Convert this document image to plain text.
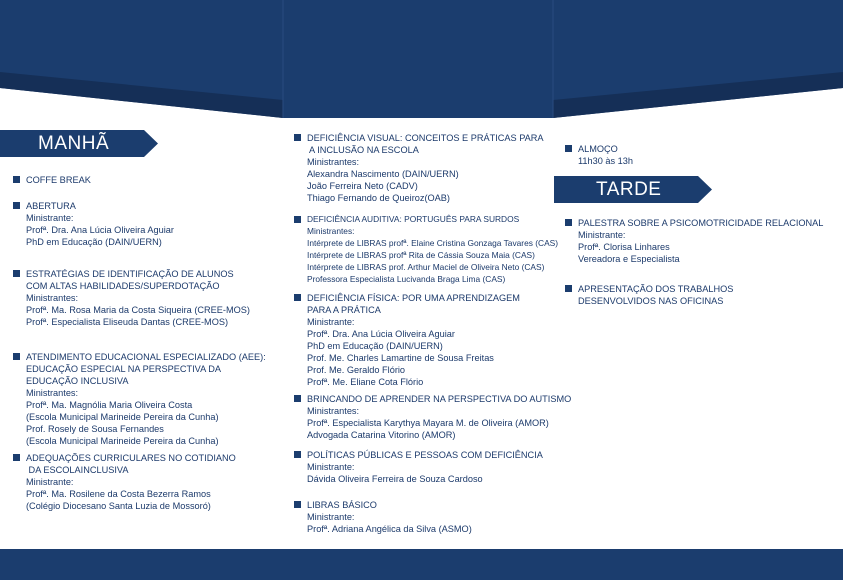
MANHÃ
COFFE BREAK
ABERTURA
Ministrante:
Profª. Dra. Ana Lúcia Oliveira Aguiar
PhD em Educação (DAIN/UERN)
ESTRATÉGIAS DE IDENTIFICAÇÃO DE ALUNOS
COM ALTAS HABILIDADES/SUPERDOTAÇÃO
Ministrantes:
Profª. Ma. Rosa Maria da Costa Siqueira (CREE-MOS)
Profª. Especialista Eliseuda Dantas (CREE-MOS)
ATENDIMENTO EDUCACIONAL ESPECIALIZADO (AEE):
EDUCAÇÃO ESPECIAL NA PERSPECTIVA DA
EDUCAÇÃO INCLUSIVA
Ministrantes:
Profª. Ma. Magnólia Maria Oliveira Costa
(Escola Municipal Marineide Pereira da Cunha)
Prof. Rosely de Sousa Fernandes
(Escola Municipal Marineide Pereira da Cunha)
ADEQUAÇÕES CURRICULARES NO COTIDIANO
DA ESCOLAINCLUSIVA
Ministrante:
Profª. Ma. Rosilene da Costa Bezerra Ramos
(Colégio Diocesano Santa Luzia de Mossoró)
DEFICIÊNCIA VISUAL: CONCEITOS E PRÁTICAS PARA
A INCLUSÃO NA ESCOLA
Ministrantes:
Alexandra Nascimento (DAIN/UERN)
João Ferreira Neto (CADV)
Thiago Fernando de Queiroz(OAB)
DEFICIÊNCIA AUDITIVA: PORTUGUÊS PARA SURDOS
Ministrantes:
Intérprete de LIBRAS profª. Elaine Cristina Gonzaga Tavares (CAS)
Intérprete de LIBRAS profª Rita de Cássia Souza Maia (CAS)
Intérprete de LIBRAS prof. Arthur Maciel de Oliveira Neto (CAS)
Professora Especialista Lucivanda Braga Lima (CAS)
DEFICIÊNCIA FÍSICA: POR UMA APRENDIZAGEM
PARA A PRÁTICA
Ministrante:
Profª. Dra. Ana Lúcia Oliveira Aguiar
PhD em Educação (DAIN/UERN)
Prof. Me. Charles Lamartine de Sousa Freitas
Prof. Me. Geraldo Flório
Profª. Me. Eliane Cota Flório
BRINCANDO DE APRENDER NA PERSPECTIVA DO AUTISMO
Ministrantes:
Profª. Especialista Karythya Mayara M. de Oliveira (AMOR)
Advogada Catarina Vitorino (AMOR)
POLÍTICAS PÚBLICAS E PESSOAS COM DEFICIÊNCIA
Ministrante:
Dávida Oliveira Ferreira de Souza Cardoso
LIBRAS BÁSICO
Ministrante:
Profª. Adriana Angélica da Silva (ASMO)
ALMOÇO
11h30 às 13h
TARDE
PALESTRA SOBRE A PSICOMOTRICIDADE RELACIONAL
Ministrante:
Profª. Clorisa Linhares
Vereadora e Especialista
APRESENTAÇÃO DOS TRABALHOS
DESENVOLVIDOS NAS OFICINAS
